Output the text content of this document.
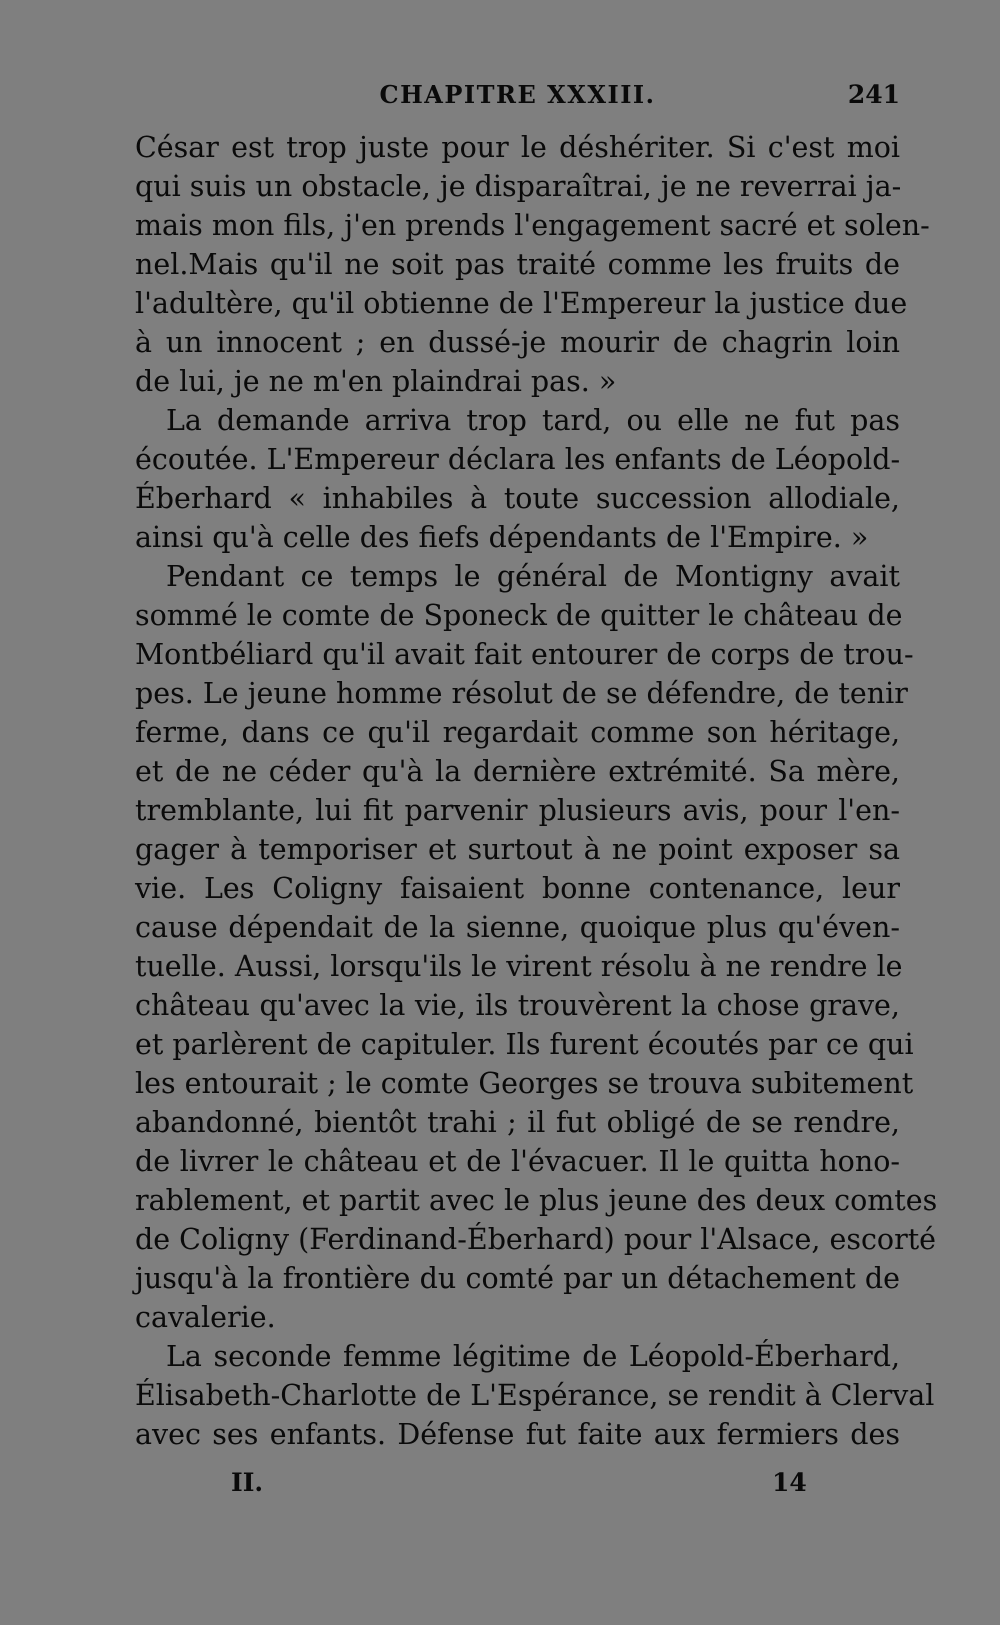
CHAPITRE XXXIII.	241
César est trop juste pour le déshériter. Si c'est moi
qui suis un obstacle, je disparaîtrai, je ne reverrai ja-
mais mon fils, j'en prends l'engagement sacré et solen-
nel.Mais qu'il ne soit pas traité comme les fruits de
l'adultère, qu'il obtienne de l'Empereur la justice due
à un innocent ; en dussé-je mourir de chagrin loin
de lui, je ne m'en plaindrai pas. »
La demande arriva trop tard, ou elle ne fut pas
écoutée. L'Empereur déclara les enfants de Léopold-
Éberhard « inhabiles à toute succession allodiale,
ainsi qu'à celle des fiefs dépendants de l'Empire. »
Pendant ce temps le général de Montigny avait
sommé le comte de Sponeck de quitter le château de
Montbéliard qu'il avait fait entourer de corps de trou-
pes. Le jeune homme résolut de se défendre, de tenir
ferme, dans ce qu'il regardait comme son héritage,
et de ne céder qu'à la dernière extrémité. Sa mère,
tremblante, lui fit parvenir plusieurs avis, pour l'en-
gager à temporiser et surtout à ne point exposer sa
vie. Les Coligny faisaient bonne contenance, leur
cause dépendait de la sienne, quoique plus qu'éven-
tuelle. Aussi, lorsqu'ils le virent résolu à ne rendre le
château qu'avec la vie, ils trouvèrent la chose grave,
et parlèrent de capituler. Ils furent écoutés par ce qui
les entourait ; le comte Georges se trouva subitement
abandonné, bientôt trahi ; il fut obligé de se rendre,
de livrer le château et de l'évacuer. Il le quitta hono-
rablement, et partit avec le plus jeune des deux comtes
de Coligny (Ferdinand-Éberhard) pour l'Alsace, escorté
jusqu'à la frontière du comté par un détachement de
cavalerie.
La seconde femme légitime de Léopold-Éberhard,
Élisabeth-Charlotte de L'Espérance, se rendit à Clerval
avec ses enfants. Défense fut faite aux fermiers des
II.	14
